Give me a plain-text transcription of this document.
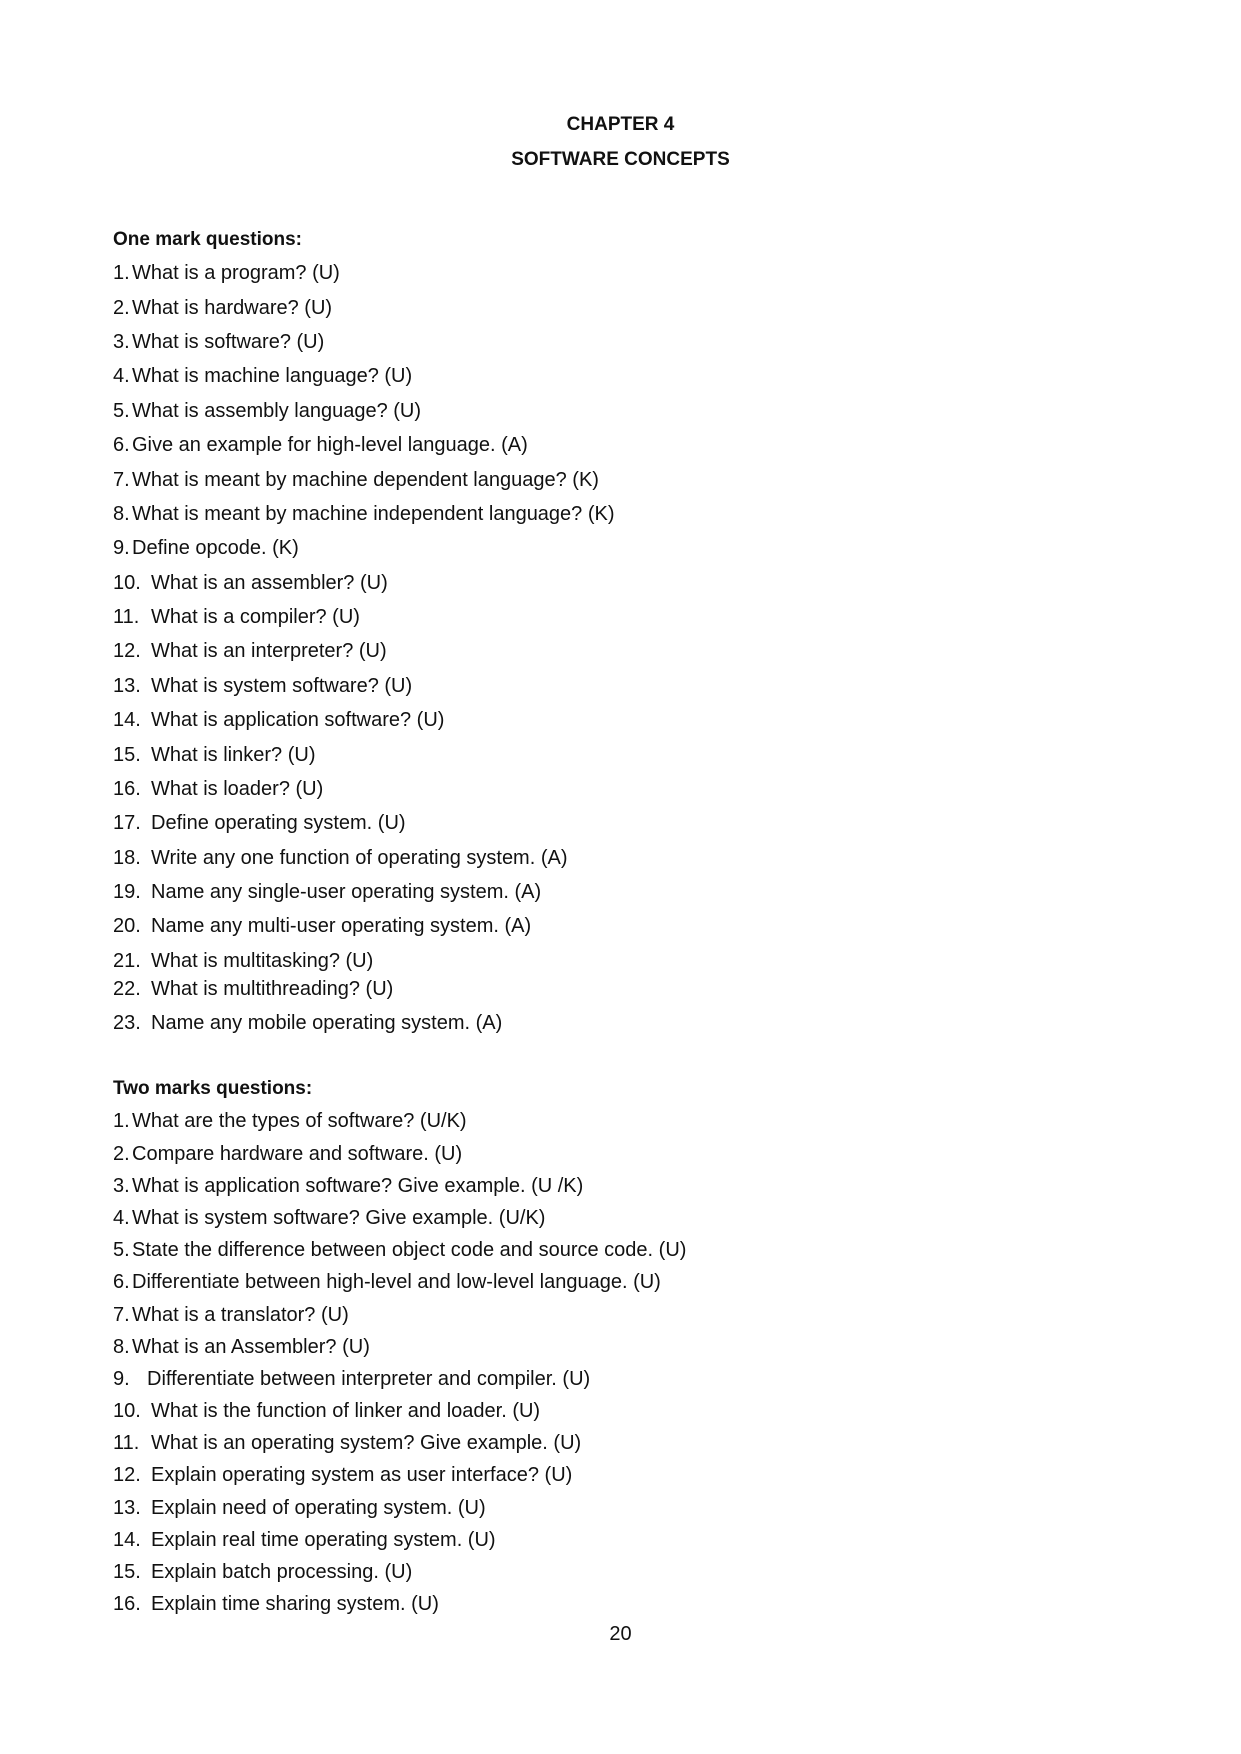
CHAPTER 4
SOFTWARE CONCEPTS
One mark questions:
1. What is a program? (U)
2. What is hardware? (U)
3. What is software? (U)
4. What is machine language? (U)
5. What is assembly language? (U)
6. Give an example for high-level language. (A)
7. What is meant by machine dependent language? (K)
8. What is meant by machine independent language? (K)
9. Define opcode. (K)
10. What is an assembler? (U)
11. What is a compiler? (U)
12. What is an interpreter? (U)
13. What is system software? (U)
14. What is application software? (U)
15. What is linker? (U)
16. What is loader? (U)
17. Define operating system. (U)
18. Write any one function of operating system. (A)
19. Name any single-user operating system. (A)
20. Name any multi-user operating system. (A)
21. What is multitasking? (U)
22. What is multithreading? (U)
23. Name any mobile operating system. (A)
Two marks questions:
1. What are the types of software? (U/K)
2. Compare hardware and software. (U)
3. What is application software? Give example. (U /K)
4. What is system software? Give example. (U/K)
5. State the difference between object code and source code. (U)
6. Differentiate between high-level and low-level language. (U)
7. What is a translator? (U)
8. What is an Assembler? (U)
9. Differentiate between interpreter and compiler. (U)
10. What is the function of linker and loader. (U)
11. What is an operating system? Give example. (U)
12. Explain operating system as user interface? (U)
13. Explain need of operating system. (U)
14. Explain real time operating system. (U)
15. Explain batch processing. (U)
16. Explain time sharing system. (U)
20
